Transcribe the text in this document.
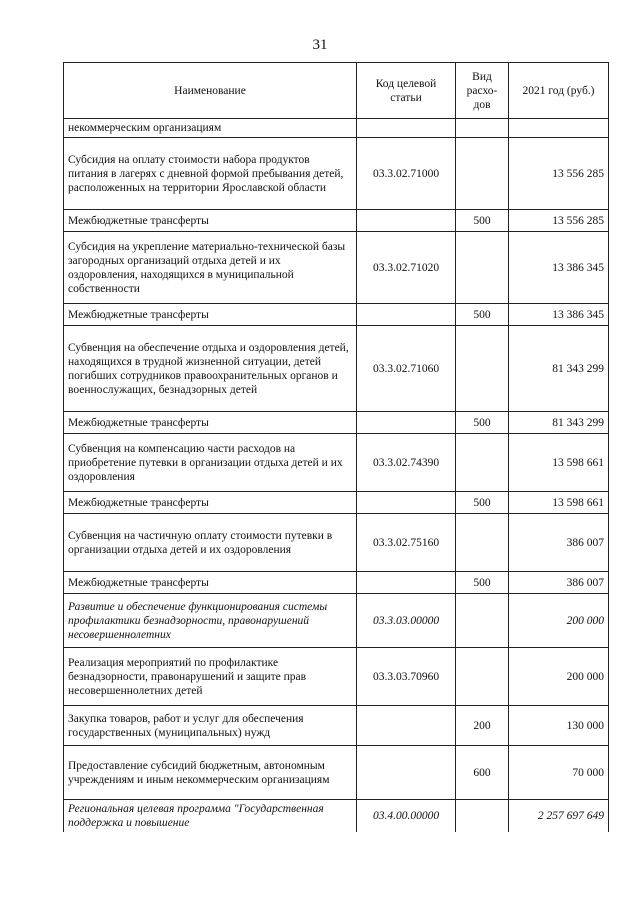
31
Наименование	Код целевой статьи	Вид расхо-дов	2021 год (руб.)
некоммерческим организациям			
Субсидия на оплату стоимости набора продуктов питания в лагерях с дневной формой пребывания детей, расположенных на территории Ярославской области	03.3.02.71000		13 556 285
Межбюджетные трансферты		500	13 556 285
Субсидия на укрепление материально-технической базы загородных организаций отдыха детей и их оздоровления, находящихся в муниципальной собственности	03.3.02.71020		13 386 345
Межбюджетные трансферты		500	13 386 345
Субвенция на обеспечение отдыха и оздоровления детей, находящихся в трудной жизненной ситуации, детей погибших сотрудников правоохранительных органов и военнослужащих, безнадзорных детей	03.3.02.71060		81 343 299
Межбюджетные трансферты		500	81 343 299
Субвенция на компенсацию части расходов на приобретение путевки в организации отдыха детей и их оздоровления	03.3.02.74390		13 598 661
Межбюджетные трансферты		500	13 598 661
Субвенция на частичную оплату стоимости путевки в организации отдыха детей и их оздоровления	03.3.02.75160		386 007
Межбюджетные трансферты		500	386 007
Развитие и обеспечение функционирования системы профилактики безнадзорности, правонарушений несовершеннолетних	03.3.03.00000		200 000
Реализация мероприятий по профилактике безнадзорности, правонарушений и защите прав несовершеннолетних детей	03.3.03.70960		200 000
Закупка товаров, работ и услуг для обеспечения государственных (муниципальных) нужд		200	130 000
Предоставление субсидий бюджетным, автономным учреждениям и иным некоммерческим организациям		600	70 000
Региональная целевая программа "Государственная поддержка и повышение	03.4.00.00000		2 257 697 649
